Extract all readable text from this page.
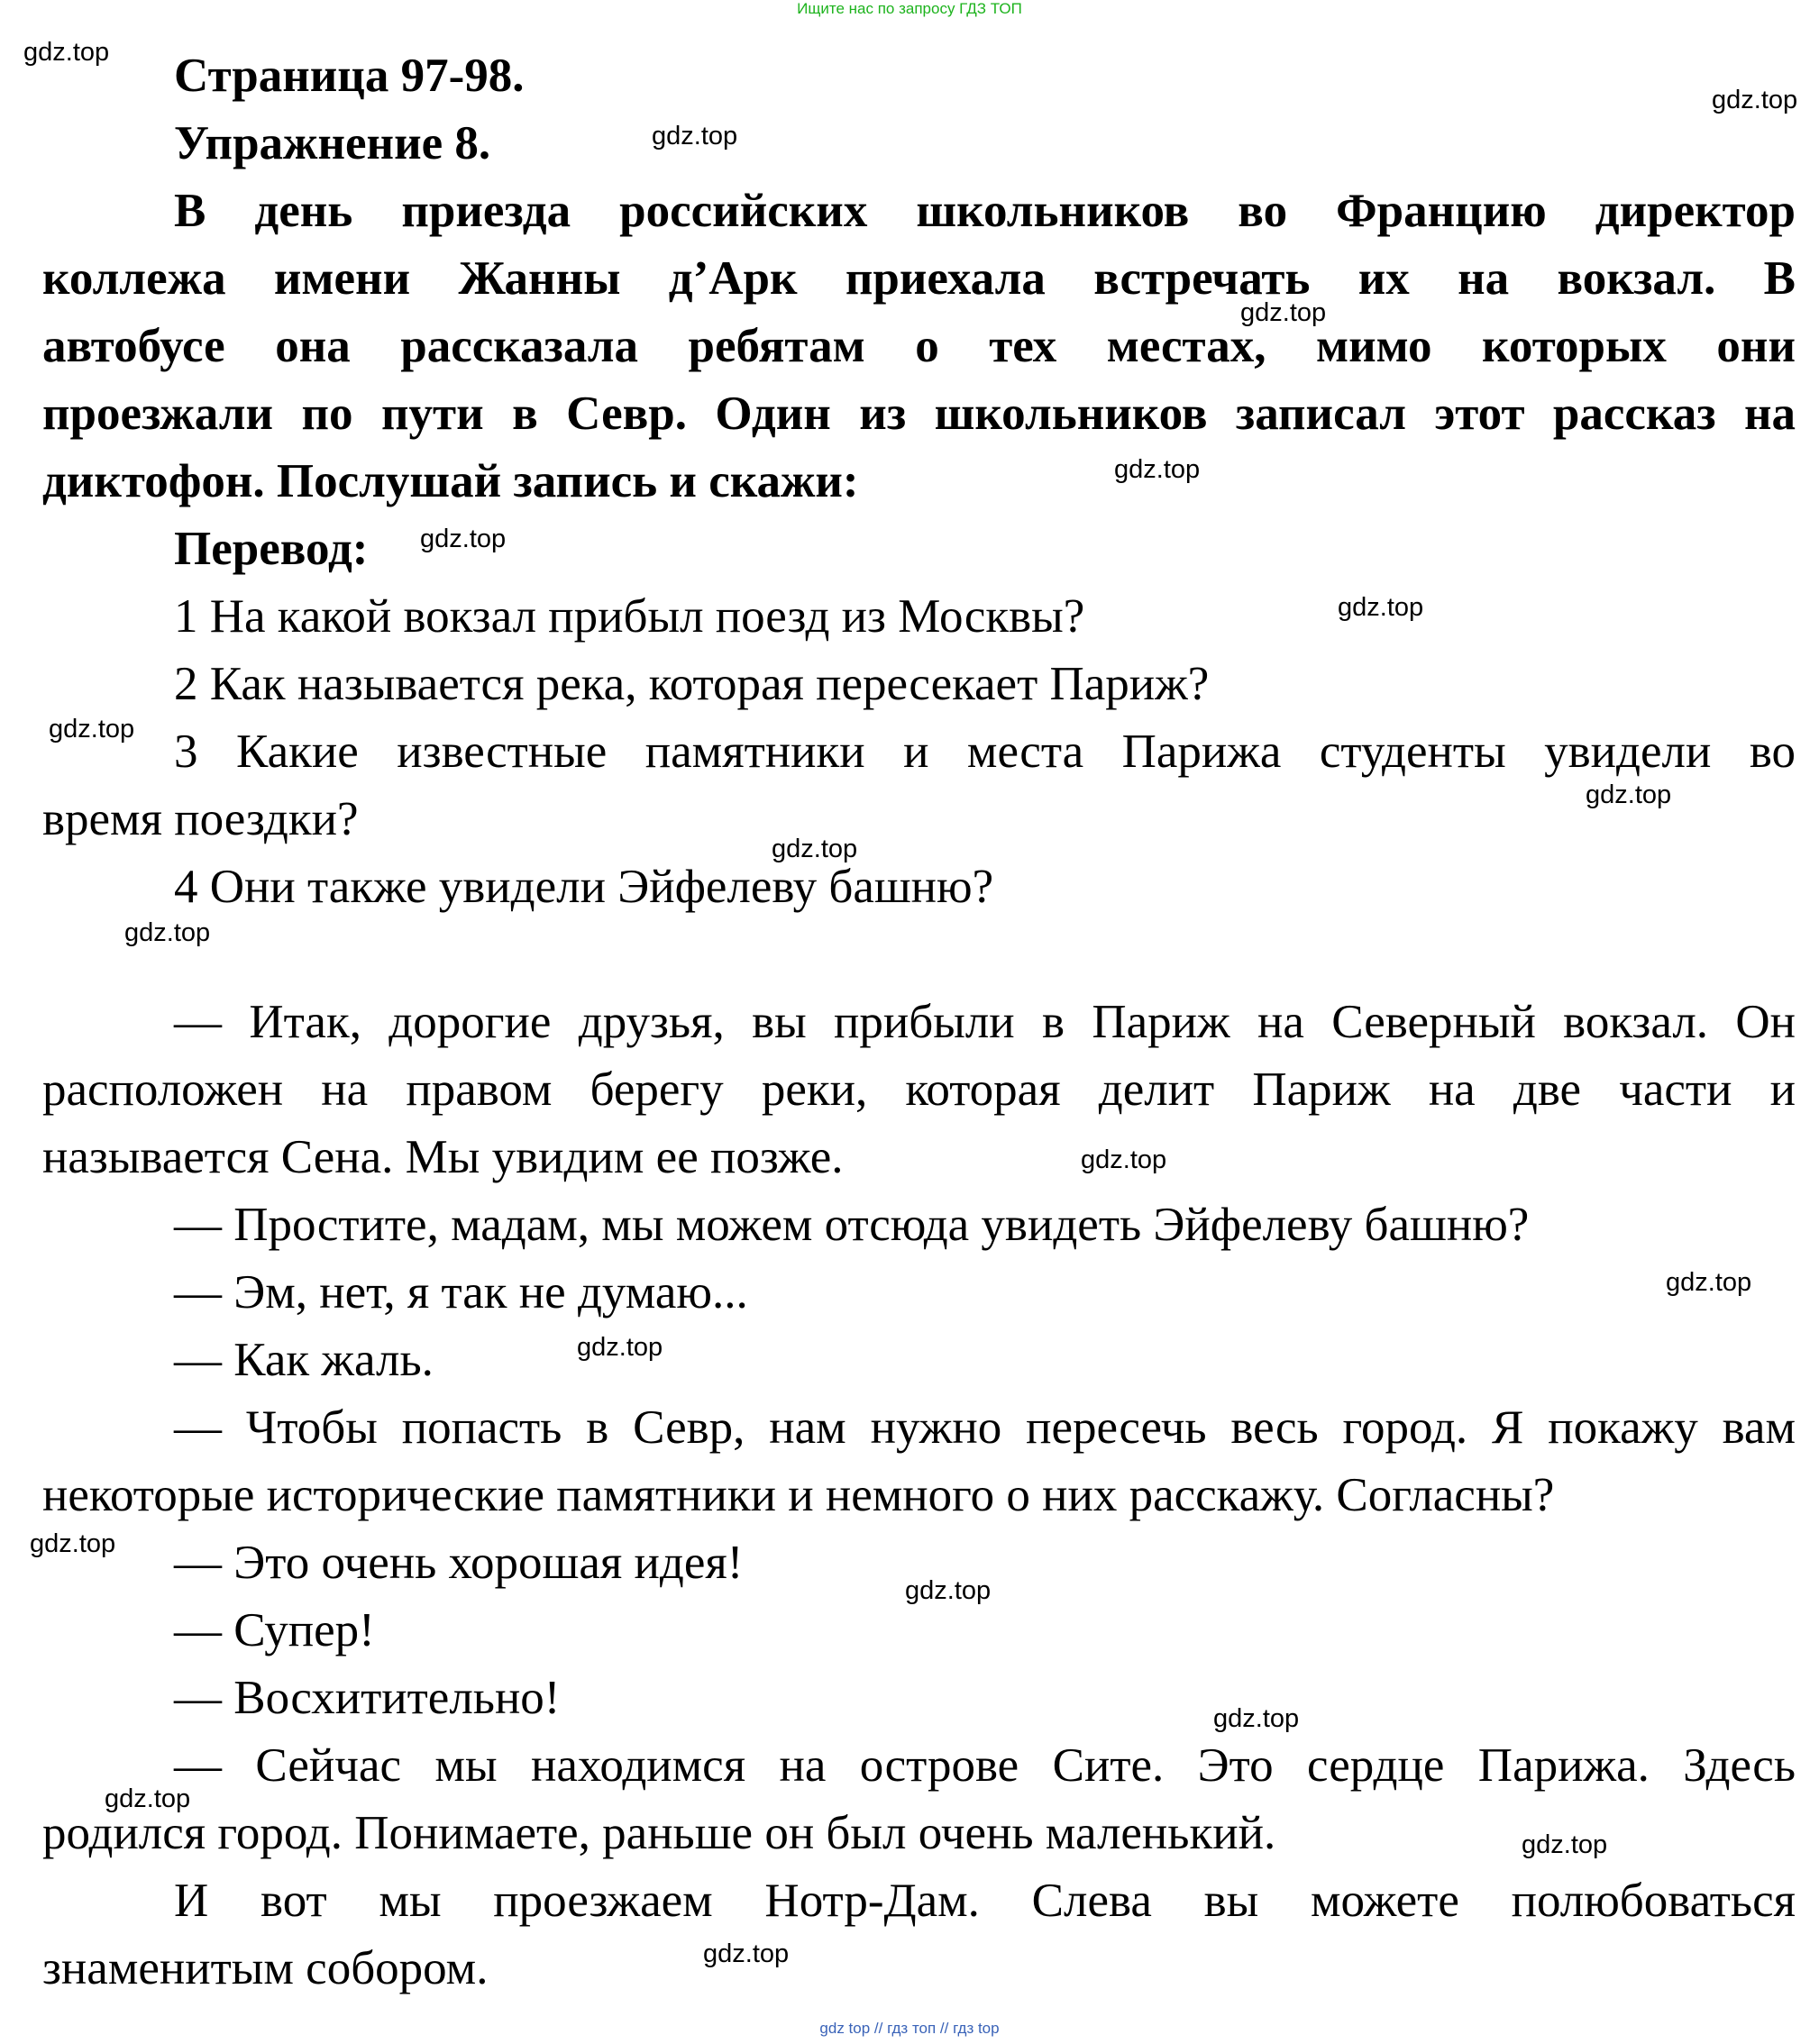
Ищите нас по запросу ГДЗ ТОП
Страница 97-98.
Упражнение 8.
В день приезда российских школьников во Францию директор
коллежа имени Жанны д’Арк приехала встречать их на вокзал. В
автобусе она рассказала ребятам о тех местах, мимо которых они
проезжали по пути в Севр. Один из школьников записал этот рассказ на
диктофон. Послушай запись и скажи:
Перевод:
1 На какой вокзал прибыл поезд из Москвы?
2 Как называется река, которая пересекает Париж?
3 Какие известные памятники и места Парижа студенты увидели во
время поездки?
4 Они также увидели Эйфелеву башню?
— Итак, дорогие друзья, вы прибыли в Париж на Северный вокзал. Он
расположен на правом берегу реки, которая делит Париж на две части и
называется Сена. Мы увидим ее позже.
— Простите, мадам, мы можем отсюда увидеть Эйфелеву башню?
— Эм, нет, я так не думаю...
— Как жаль.
— Чтобы попасть в Севр, нам нужно пересечь весь город. Я покажу вам
некоторые исторические памятники и немного о них расскажу. Согласны?
— Это очень хорошая идея!
— Супер!
— Восхитительно!
— Сейчас мы находимся на острове Сите. Это сердце Парижа. Здесь
родился город. Понимаете, раньше он был очень маленький.
И вот мы проезжаем Нотр-Дам. Слева вы можете полюбоваться
знаменитым собором.
gdz.top
gdz.top
gdz.top
gdz.top
gdz.top
gdz.top
gdz.top
gdz.top
gdz.top
gdz.top
gdz.top
gdz.top
gdz.top
gdz.top
gdz.top
gdz.top
gdz.top
gdz.top
gdz.top
gdz.top
gdz top // гдз топ // гдз top
